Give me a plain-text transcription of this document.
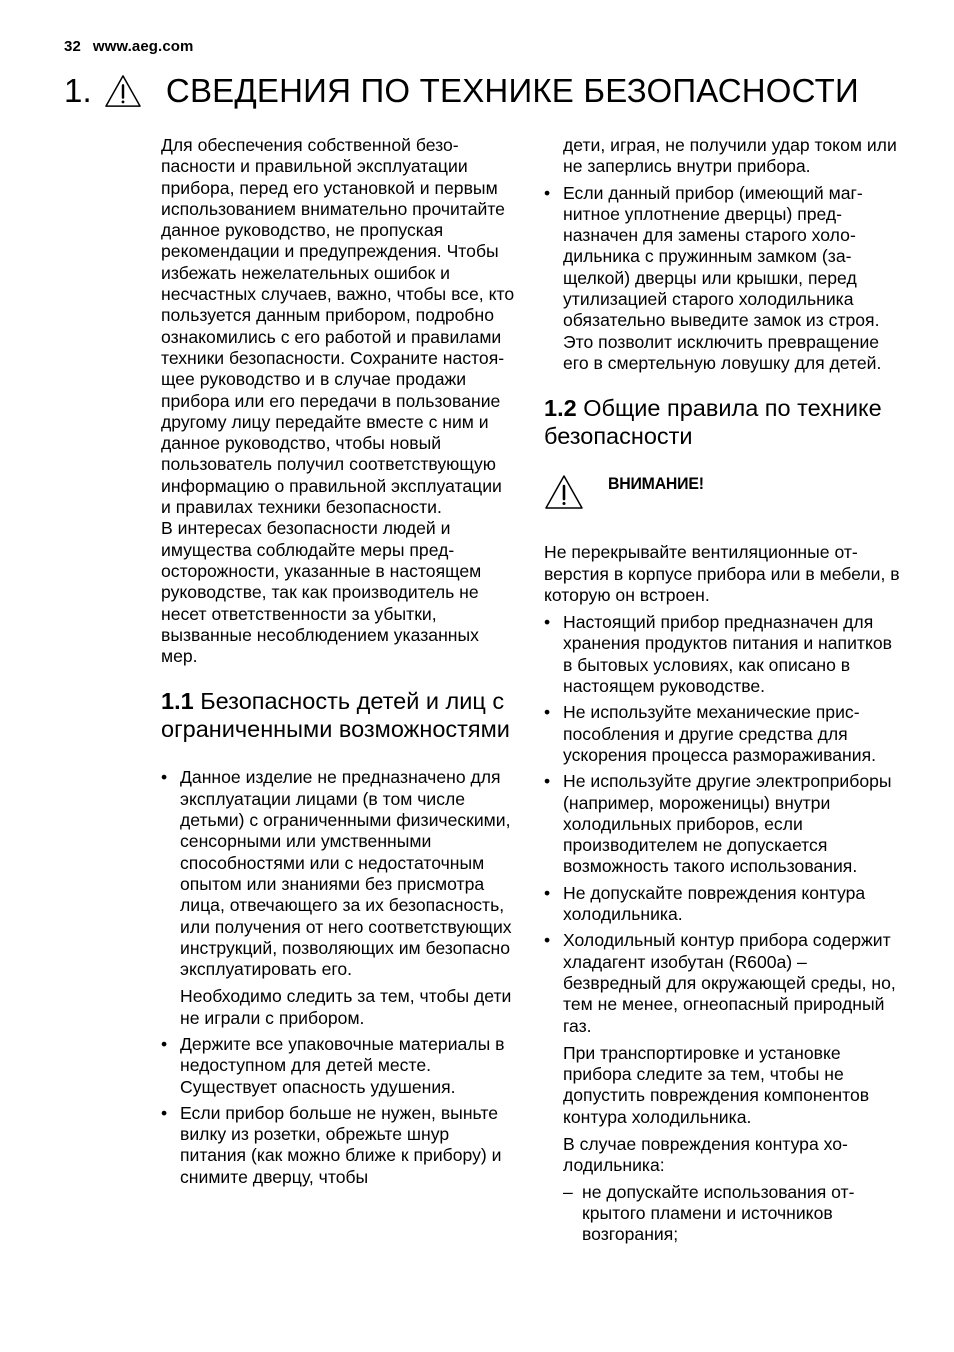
32 www.aeg.com
1. СВЕДЕНИЯ ПО ТЕХНИКЕ БЕЗОПАСНОСТИ

Для обеспечения собственной безопасности и правильной эксплуатации прибора, перед его установкой и первым использованием внимательно прочитайте данное руководство, не пропуская рекомендации и предупреждения. Чтобы избежать нежелательных ошибок и несчастных случаев, важно, чтобы все, кто пользуется данным прибором, подробно ознакомились с его работой и правилами техники безопасности. Сохраните настоящее руководство и в случае продажи прибора или его передачи в пользование другому лицу передайте вместе с ним и данное руководство, чтобы новый пользователь получил соответствующую информацию о правильной эксплуатации и правилах техники безопасности.

В интересах безопасности людей и имущества соблюдайте меры предосторожности, указанные в настоящем руководстве, так как производитель не несет ответственности за убытки, вызванные несоблюдением указанных мер.

1.1 Безопасность детей и лиц с ограниченными возможностями
• Данное изделие не предназначено для эксплуатации лицами (в том числе детьми) с ограниченными физическими, сенсорными или умственными способностями или с недостаточным опытом или знаниями без присмотра лица, отвечающего за их безопасность, или получения от него соответствующих инструкций, позволяющих им безопасно эксплуатировать его.
Необходимо следить за тем, чтобы дети не играли с прибором.
• Держите все упаковочные материалы в недоступном для детей месте. Существует опасность удушения.
• Если прибор больше не нужен, выньте вилку из розетки, обрежьте шнур питания (как можно ближе к прибору) и снимите дверцу, чтобы
дети, играя, не получили удар током или не заперлись внутри прибора.
• Если данный прибор (имеющий магнитное уплотнение дверцы) предназначен для замены старого холодильника с пружинным замком (защелкой) дверцы или крышки, перед утилизацией старого холодильника обязательно выведите замок из строя. Это позволит исключить превращение его в смертельную ловушку для детей.
1.2 Общие правила по технике безопасности
ВНИМАНИЕ!

Не перекрывайте вентиляционные отверстия в корпусе прибора или в мебели, в которую он встроен.

• Настоящий прибор предназначен для хранения продуктов питания и напитков в бытовых условиях, как описано в настоящем руководстве.
• Не используйте механические приспособления и другие средства для ускорения процесса размораживания.
• Не используйте другие электроприборы (например, мороженицы) внутри холодильных приборов, если производителем не допускается возможность такого использования.
• Не допускайте повреждения контура холодильника.
• Холодильный контур прибора содержит хладагент изобутан (R600a) – безвредный для окружающей среды, но, тем не менее, огнеопасный природный газ.
При транспортировке и установке прибора следите за тем, чтобы не допустить повреждения компонентов контура холодильника.
В случае повреждения контура холодильника:
– не допускайте использования открытого пламени и источников возгорания;
